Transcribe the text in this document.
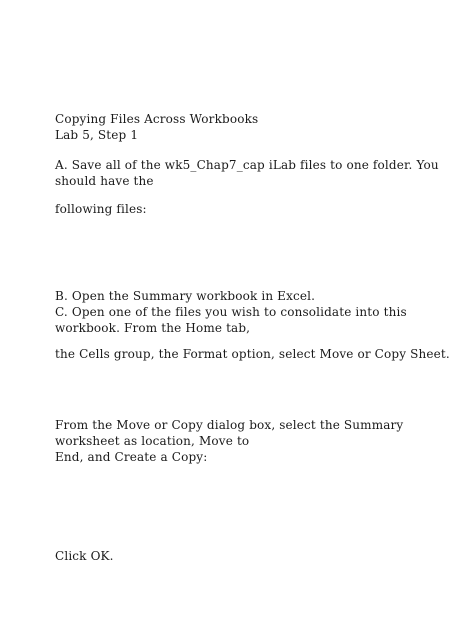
Copying Files Across Workbooks
Lab 5, Step 1
A. Save all of the wk5_Chap7_cap iLab files to one folder. You
should have the
following files:
B. Open the Summary workbook in Excel.
C. Open one of the files you wish to consolidate into this
workbook. From the Home tab,
the Cells group, the Format option, select Move or Copy Sheet.
From the Move or Copy dialog box, select the Summary
worksheet as location, Move to
End, and Create a Copy:
Click OK.
